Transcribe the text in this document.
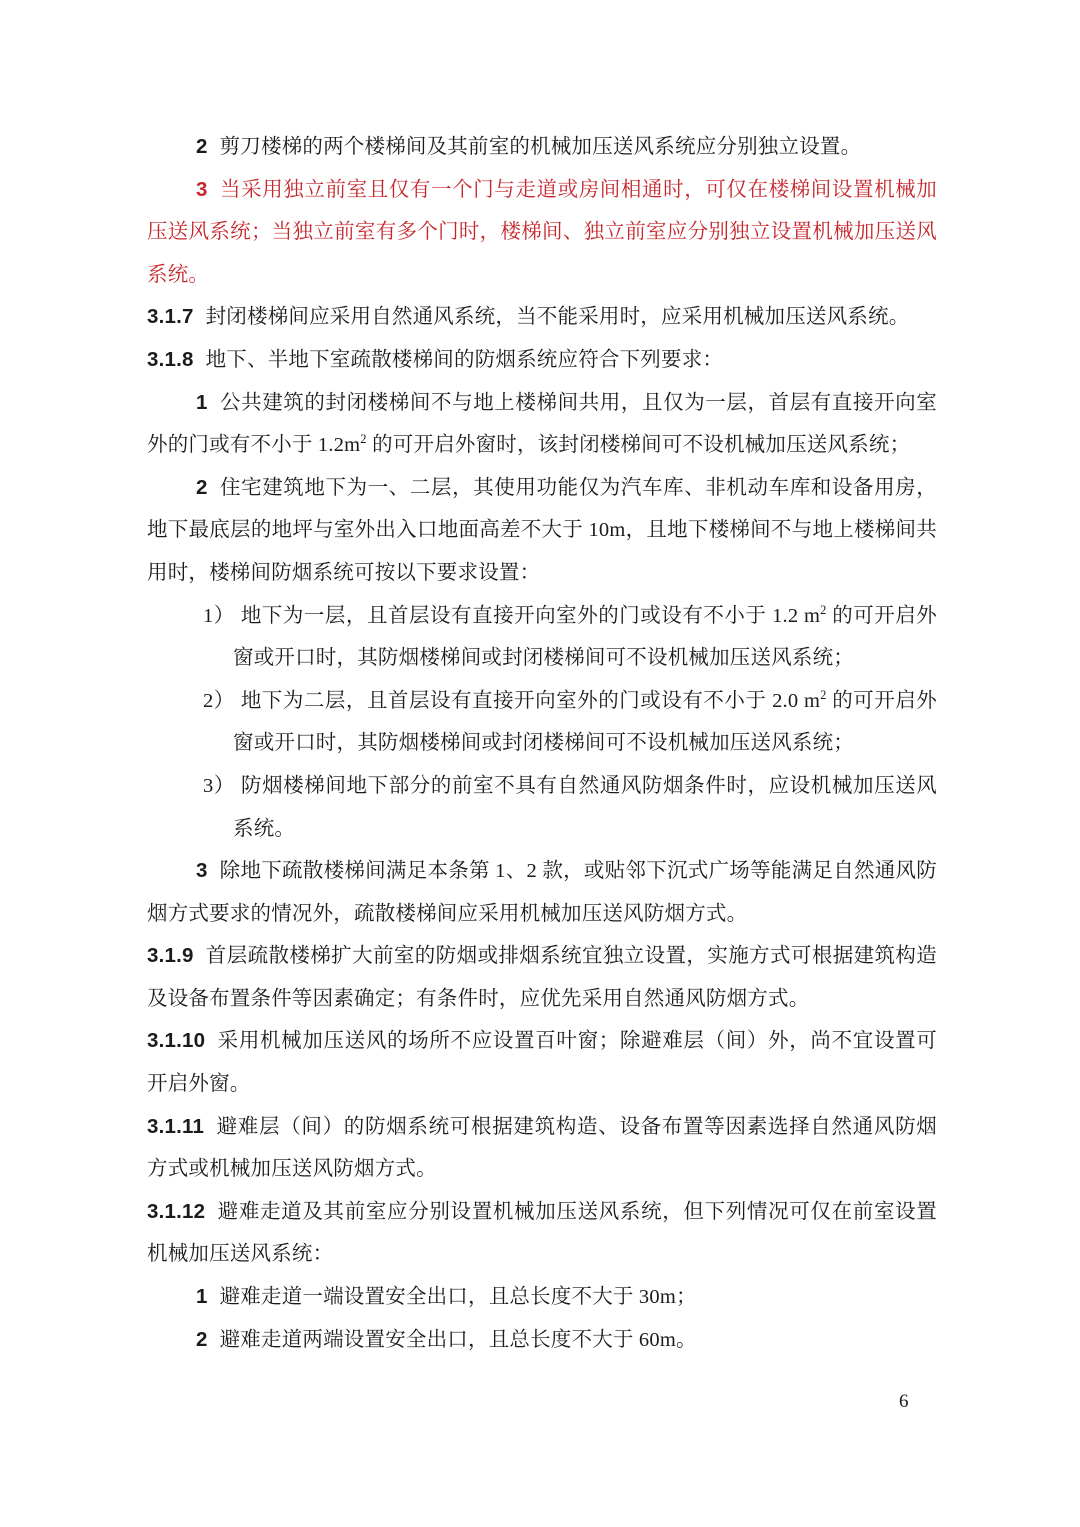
2 剪刀楼梯的两个楼梯间及其前室的机械加压送风系统应分别独立设置。

3 当采用独立前室且仅有一个门与走道或房间相通时，可仅在楼梯间设置机械加压送风系统；当独立前室有多个门时，楼梯间、独立前室应分别独立设置机械加压送风系统。

3.1.7 封闭楼梯间应采用自然通风系统，当不能采用时，应采用机械加压送风系统。

3.1.8 地下、半地下室疏散楼梯间的防烟系统应符合下列要求：

1 公共建筑的封闭楼梯间不与地上楼梯间共用，且仅为一层，首层有直接开向室外的门或有不小于 $1.2m^2$ 的可开启外窗时，该封闭楼梯间可不设机械加压送风系统；

2 住宅建筑地下为一、二层，其使用功能仅为汽车库、非机动车库和设备用房，地下最底层的地坪与室外出入口地面高差不大于 10m，且地下楼梯间不与地上楼梯间共用时，楼梯间防烟系统可按以下要求设置：

1） 地下为一层，且首层设有直接开向室外的门或设有不小于 1.2 $m^2$ 的可开启外窗或开口时，其防烟楼梯间或封闭楼梯间可不设机械加压送风系统；

2） 地下为二层，且首层设有直接开向室外的门或设有不小于 2.0 $m^2$ 的可开启外窗或开口时，其防烟楼梯间或封闭楼梯间可不设机械加压送风系统；

3） 防烟楼梯间地下部分的前室不具有自然通风防烟条件时，应设机械加压送风系统。

3 除地下疏散楼梯间满足本条第 1、2 款，或贴邻下沉式广场等能满足自然通风防烟方式要求的情况外，疏散楼梯间应采用机械加压送风防烟方式。

3.1.9 首层疏散楼梯扩大前室的防烟或排烟系统宜独立设置，实施方式可根据建筑构造及设备布置条件等因素确定；有条件时，应优先采用自然通风防烟方式。

3.1.10 采用机械加压送风的场所不应设置百叶窗；除避难层（间）外，尚不宜设置可开启外窗。

3.1.11 避难层（间）的防烟系统可根据建筑构造、设备布置等因素选择自然通风防烟方式或机械加压送风防烟方式。

3.1.12 避难走道及其前室应分别设置机械加压送风系统，但下列情况可仅在前室设置机械加压送风系统：

1 避难走道一端设置安全出口，且总长度不大于 30m；

2 避难走道两端设置安全出口，且总长度不大于 60m。

6
